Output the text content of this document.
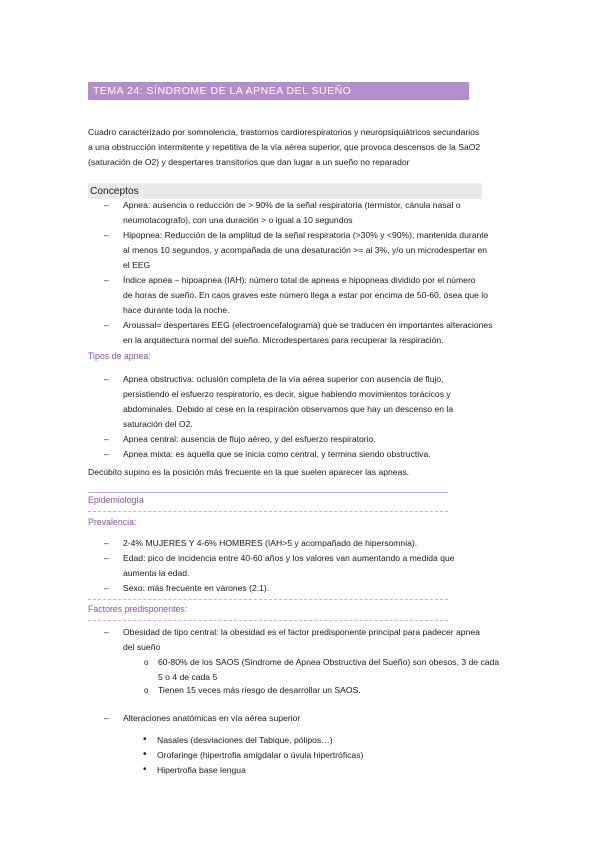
TEMA 24: SÍNDROME DE LA APNEA DEL SUEÑO
Cuadro caracterizado por somnolencia, trastornos cardiorespiratorios y neuropsiquiátricos secundarios
a una obstrucción intermitente y repetitiva de la vía aérea superior, que provoca descensos de la SaO2
(saturación de O2) y despertares transitorios que dan lugar a un sueño no reparador
Conceptos
– Apnea: ausencia o reducción de > 90% de la señal respiratoria (termistor, cánula nasal o
neumotacografo), con una duración > o igual a 10 segundos
– Hipopnea: Reducción de la amplitud de la señal respiratoria (>30% y <90%), mantenida durante
al menos 10 segundos, y acompañada de una desaturación >= al 3%, y/o un microdespertar en
el EEG
– Índice apnea – hipoapnea (IAH): número total de apneas e hipopneas dividido por el número
de horas de sueño. En caos graves este número llega a estar por encima de 50-60, ósea que lo
hace durante toda la noche.
– Aroussal= despertares EEG (electroencefalograma) que se traducen en importantes alteraciones
en la arquitectura normal del sueño. Microdespertares para recuperar la respiración.
Tipos de apnea:
– Apnea obstructiva: oclusión completa de la vía aérea superior con ausencia de flujo,
persistiendo el esfuerzo respiratorio, es decir, sigue habiendo movimientos torácicos y
abdominales. Debido al cese en la respiración observamos que hay un descenso en la
saturación del O2.
– Apnea central: ausencia de flujo aéreo, y del esfuerzo respiratorio.
– Apnea mixta: es aquella que se inicia como central, y termina siendo obstructiva.
Decúbito supino es la posición más frecuente en la que suelen aparecer las apneas.
Epidemiología
Prevalencia:
– 2-4% MUJERES Y 4-6% HOMBRES (IAH>5 y acompañado de hipersomnia).
– Edad: pico de incidencia entre 40-60 años y los valores van aumentando a medida que
aumenta la edad.
– Sexo: más frecuente en varones (2:1).
Factores predisponentes:
– Obesidad de tipo central: la obesidad es el factor predisponente principal para padecer apnea
del sueño
o 60-80% de los SAOS (Síndrome de Apnea Obstructiva del Sueño) son obesos, 3 de cada
5 o 4 de cada 5
o Tienen 15 veces más riesgo de desarrollar un SAOS.
– Alteraciones anatómicas en vía aérea superior
• Nasales (desviaciones del Tabique, pólipos…)
• Orofaringe (hipertrofia amigdalar o úvula hipertróficas)
• Hipertrofia base lengua
